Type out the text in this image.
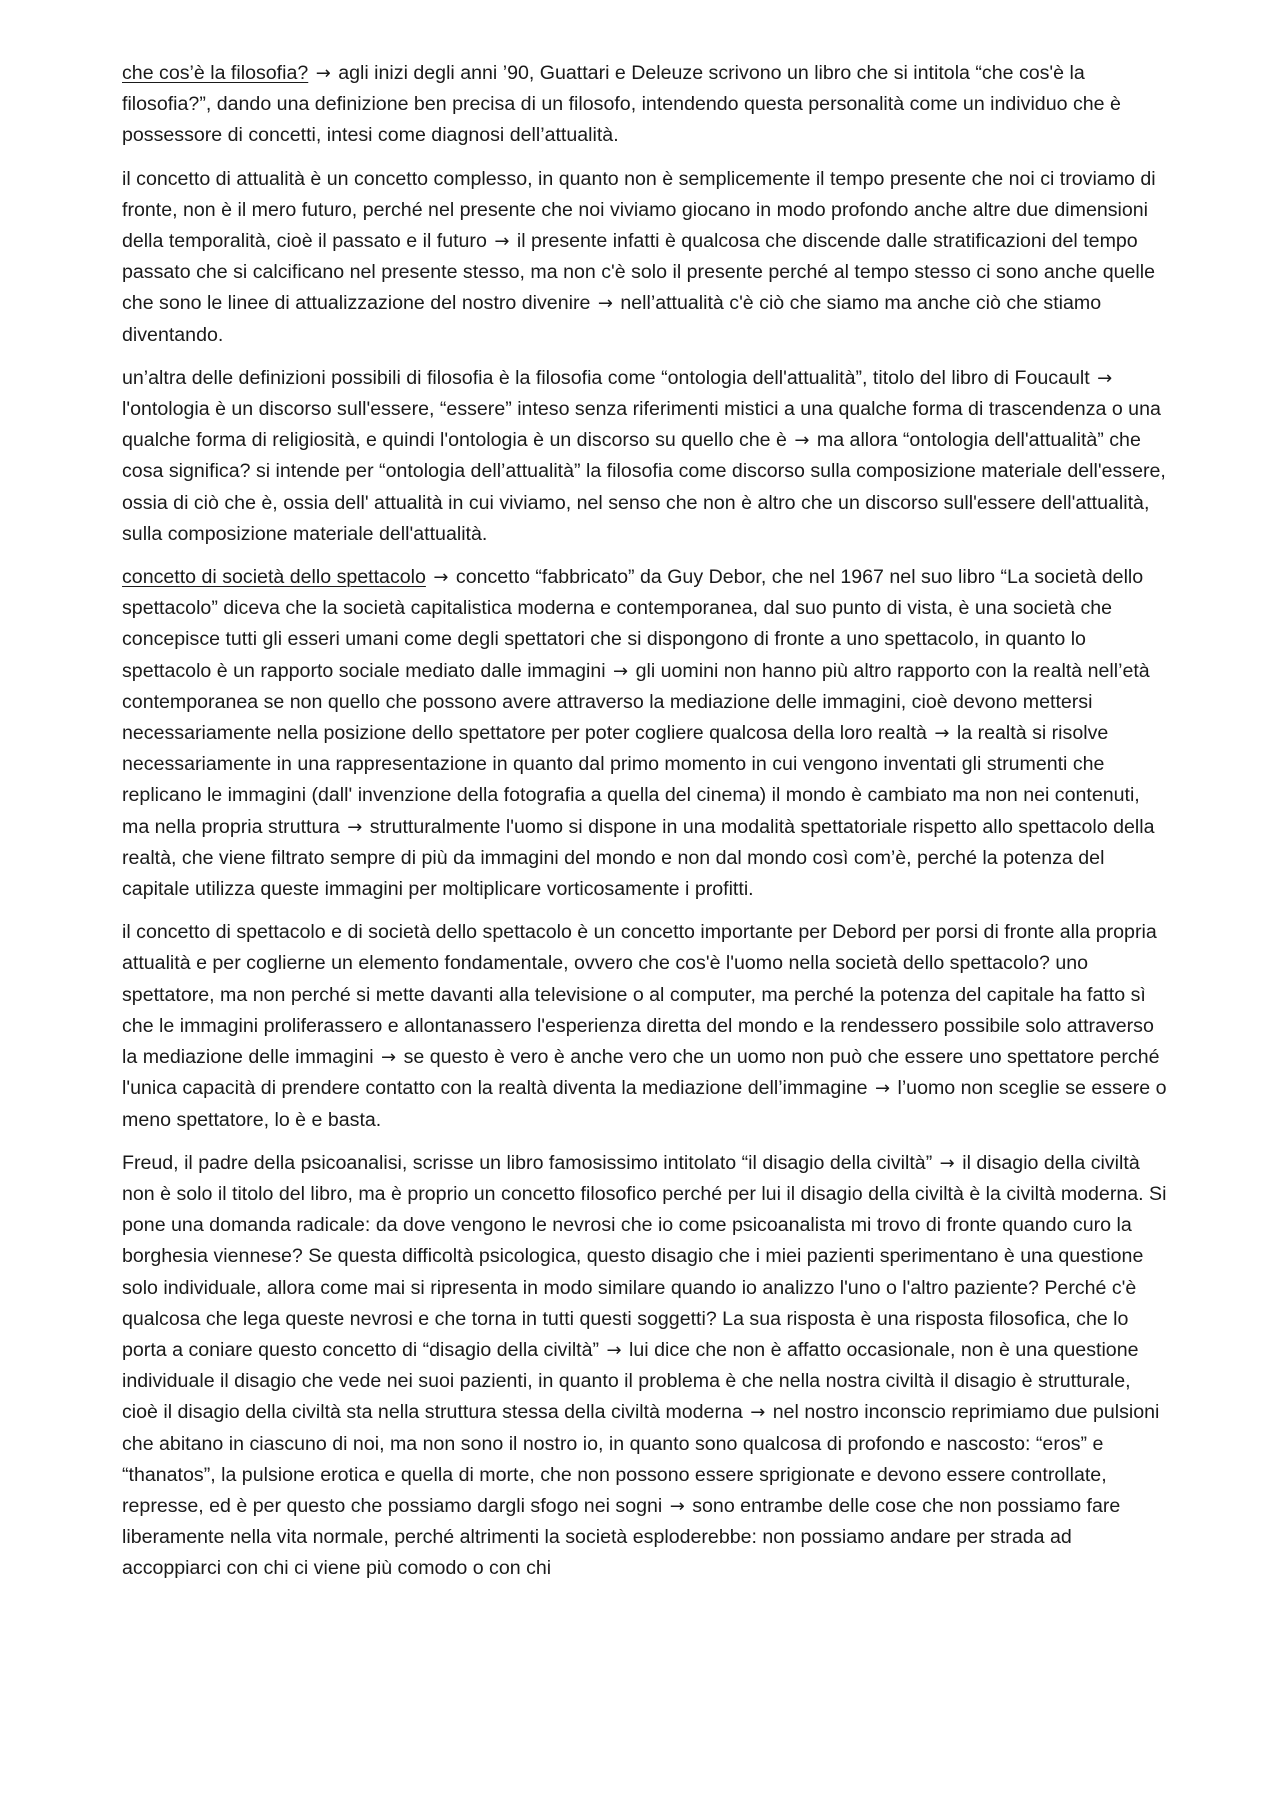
che cos’è la filosofia? → agli inizi degli anni ’90, Guattari e Deleuze scrivono un libro che si intitola “che cos'è la filosofia?”, dando una definizione ben precisa di un filosofo, intendendo questa personalità come un individuo che è possessore di concetti, intesi come diagnosi dell’attualità.

il concetto di attualità è un concetto complesso, in quanto non è semplicemente il tempo presente che noi ci troviamo di fronte, non è il mero futuro, perché nel presente che noi viviamo giocano in modo profondo anche altre due dimensioni della temporalità, cioè il passato e il futuro → il presente infatti è qualcosa che discende dalle stratificazioni del tempo passato che si calcificano nel presente stesso, ma non c'è solo il presente perché al tempo stesso ci sono anche quelle che sono le linee di attualizzazione del nostro divenire → nell’attualità c'è ciò che siamo ma anche ciò che stiamo diventando.

un’altra delle definizioni possibili di filosofia è la filosofia come “ontologia dell'attualità”, titolo del libro di Foucault → l'ontologia è un discorso sull'essere, “essere” inteso senza riferimenti mistici a una qualche forma di trascendenza o una qualche forma di religiosità, e quindi l'ontologia è un discorso su quello che è → ma allora “ontologia dell'attualità” che cosa significa? si intende per “ontologia dell’attualità” la filosofia come discorso sulla composizione materiale dell'essere, ossia di ciò che è, ossia dell' attualità in cui viviamo, nel senso che non è altro che un discorso sull'essere dell'attualità, sulla composizione materiale dell'attualità.

concetto di società dello spettacolo → concetto “fabbricato” da Guy Debor, che nel 1967 nel suo libro “La società dello spettacolo” diceva che la società capitalistica moderna e contemporanea, dal suo punto di vista, è una società che concepisce tutti gli esseri umani come degli spettatori che si dispongono di fronte a uno spettacolo, in quanto lo spettacolo è un rapporto sociale mediato dalle immagini → gli uomini non hanno più altro rapporto con la realtà nell’età contemporanea se non quello che possono avere attraverso la mediazione delle immagini, cioè devono mettersi necessariamente nella posizione dello spettatore per poter cogliere qualcosa della loro realtà → la realtà si risolve necessariamente in una rappresentazione in quanto dal primo momento in cui vengono inventati gli strumenti che replicano le immagini (dall' invenzione della fotografia a quella del cinema) il mondo è cambiato ma non nei contenuti, ma nella propria struttura → strutturalmente l'uomo si dispone in una modalità spettatoriale rispetto allo spettacolo della realtà, che viene filtrato sempre di più da immagini del mondo e non dal mondo così com’è, perché la potenza del capitale utilizza queste immagini per moltiplicare vorticosamente i profitti.

il concetto di spettacolo e di società dello spettacolo è un concetto importante per Debord per porsi di fronte alla propria attualità e per coglierne un elemento fondamentale, ovvero che cos'è l'uomo nella società dello spettacolo? uno spettatore, ma non perché si mette davanti alla televisione o al computer, ma perché la potenza del capitale ha fatto sì che le immagini proliferassero e allontanassero l'esperienza diretta del mondo e la rendessero possibile solo attraverso la mediazione delle immagini → se questo è vero è anche vero che un uomo non può che essere uno spettatore perché l'unica capacità di prendere contatto con la realtà diventa la mediazione dell’immagine → l’uomo non sceglie se essere o meno spettatore, lo è e basta.

Freud, il padre della psicoanalisi, scrisse un libro famosissimo intitolato “il disagio della civiltà” → il disagio della civiltà non è solo il titolo del libro, ma è proprio un concetto filosofico perché per lui il disagio della civiltà è la civiltà moderna. Si pone una domanda radicale: da dove vengono le nevrosi che io come psicoanalista mi trovo di fronte quando curo la borghesia viennese? Se questa difficoltà psicologica, questo disagio che i miei pazienti sperimentano è una questione solo individuale, allora come mai si ripresenta in modo similare quando io analizzo l'uno o l'altro paziente? Perché c'è qualcosa che lega queste nevrosi e che torna in tutti questi soggetti? La sua risposta è una risposta filosofica, che lo porta a coniare questo concetto di “disagio della civiltà” → lui dice che non è affatto occasionale, non è una questione individuale il disagio che vede nei suoi pazienti, in quanto il problema è che nella nostra civiltà il disagio è strutturale, cioè il disagio della civiltà sta nella struttura stessa della civiltà moderna → nel nostro inconscio reprimiamo due pulsioni che abitano in ciascuno di noi, ma non sono il nostro io, in quanto sono qualcosa di profondo e nascosto: “eros” e “thanatos”, la pulsione erotica e quella di morte, che non possono essere sprigionate e devono essere controllate, represse, ed è per questo che possiamo dargli sfogo nei sogni → sono entrambe delle cose che non possiamo fare liberamente nella vita normale, perché altrimenti la società esploderebbe: non possiamo andare per strada ad accoppiarci con chi ci viene più comodo o con chi
